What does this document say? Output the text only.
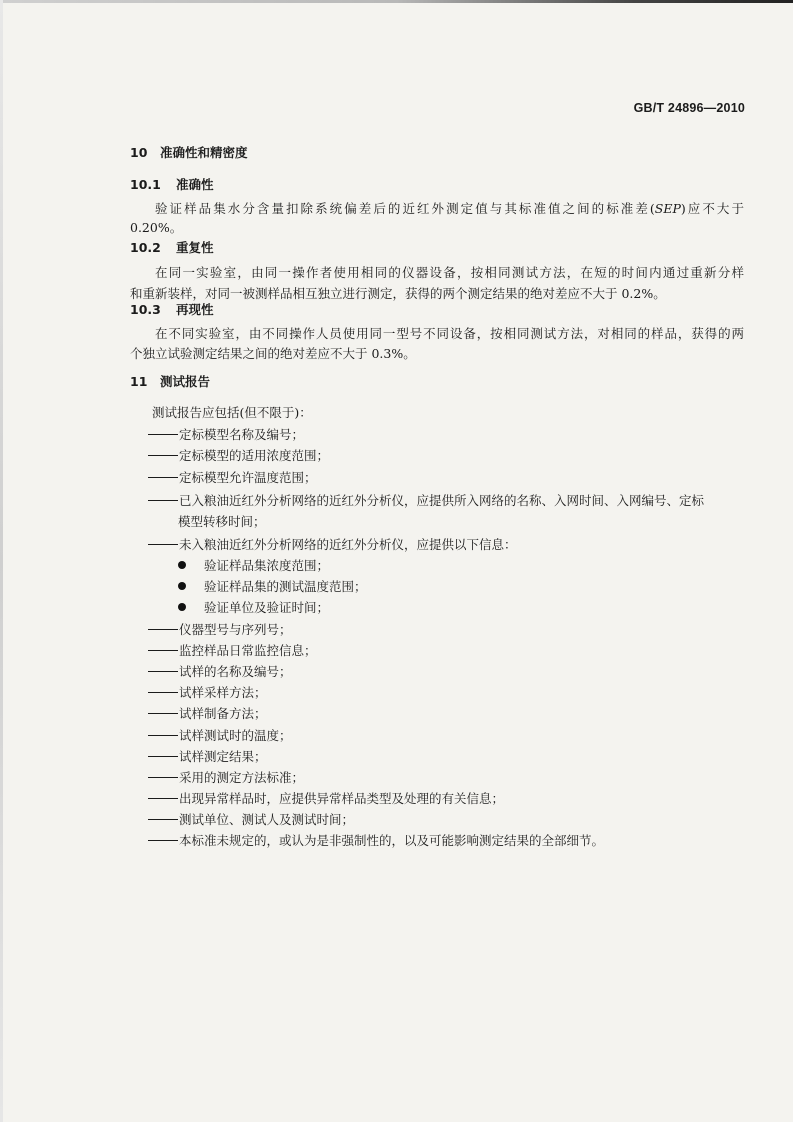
GB/T 24896—2010
10 准确性和精密度
10.1 准确性
验证样品集水分含量扣除系统偏差后的近红外测定值与其标准值之间的标准差(SEP)应不大于
0.20%。
10.2 重复性
在同一实验室，由同一操作者使用相同的仪器设备，按相同测试方法，在短的时间内通过重新分样
和重新装样，对同一被测样品相互独立进行测定，获得的两个测定结果的绝对差应不大于 0.2%。
10.3 再现性
在不同实验室，由不同操作人员使用同一型号不同设备，按相同测试方法，对相同的样品，获得的两
个独立试验测定结果之间的绝对差应不大于 0.3%。
11 测试报告
测试报告应包括(但不限于)：
定标模型名称及编号；
定标模型的适用浓度范围；
定标模型允许温度范围；
已入粮油近红外分析网络的近红外分析仪，应提供所入网络的名称、入网时间、入网编号、定标
模型转移时间；
未入粮油近红外分析网络的近红外分析仪，应提供以下信息：
验证样品集浓度范围；
验证样品集的测试温度范围；
验证单位及验证时间；
仪器型号与序列号；
监控样品日常监控信息；
试样的名称及编号；
试样采样方法；
试样制备方法；
试样测试时的温度；
试样测定结果；
采用的测定方法标准；
出现异常样品时，应提供异常样品类型及处理的有关信息；
测试单位、测试人及测试时间；
本标准未规定的，或认为是非强制性的，以及可能影响测定结果的全部细节。
